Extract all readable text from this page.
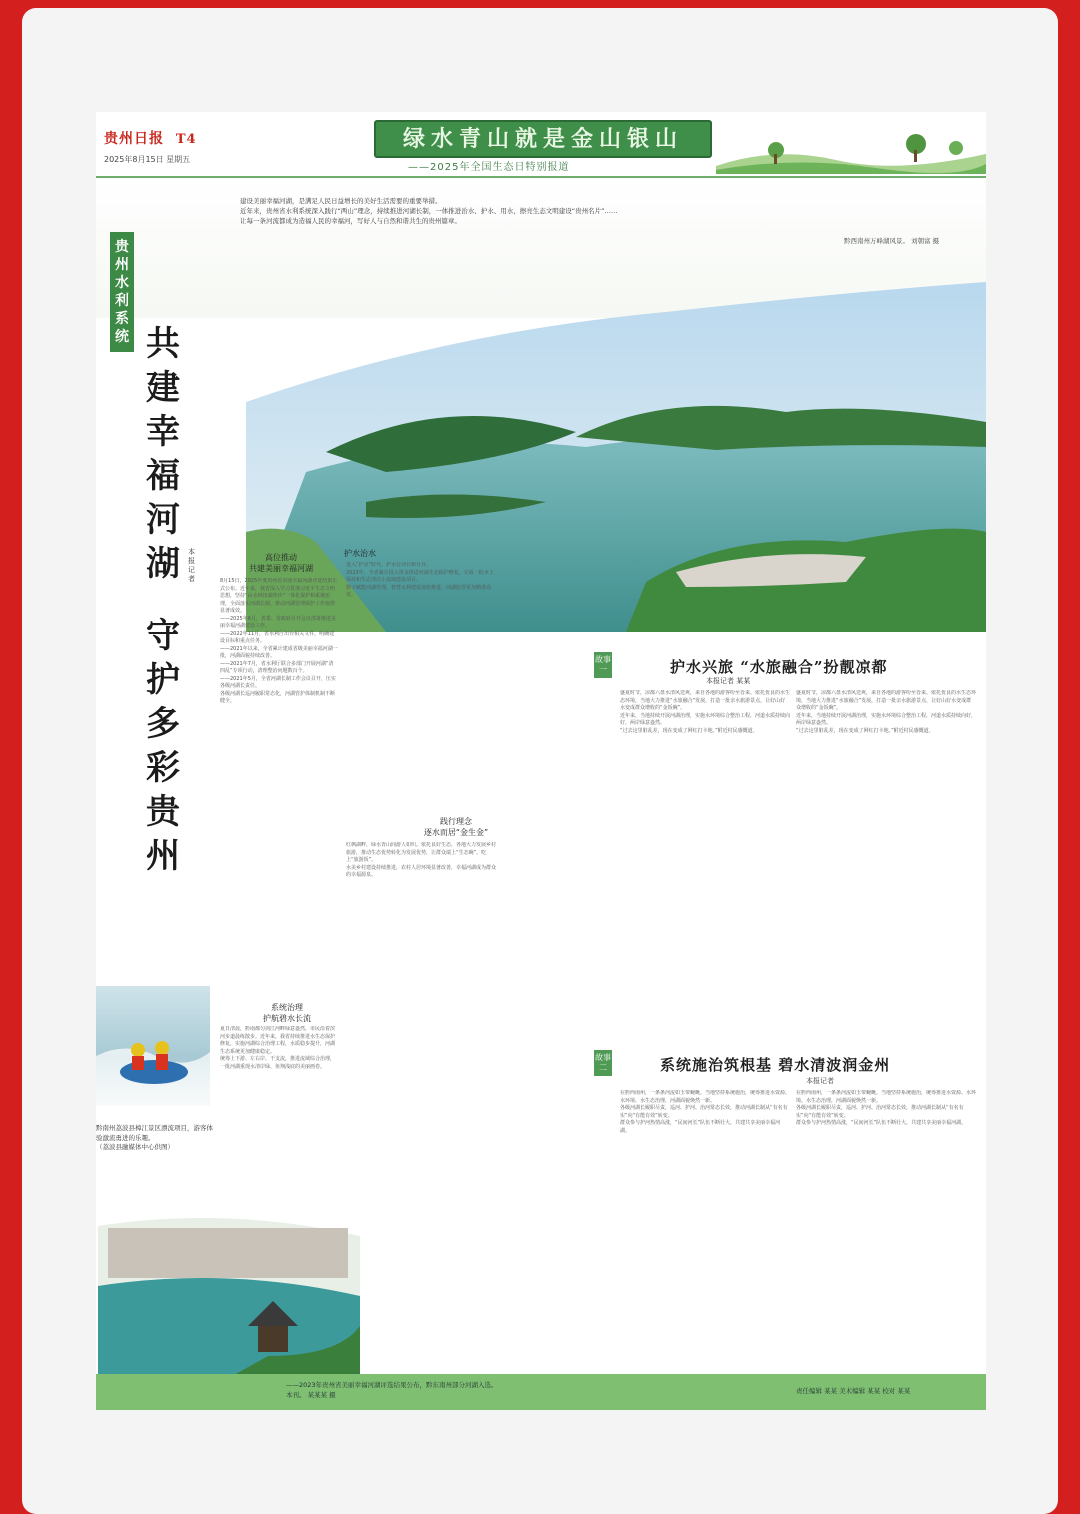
贵州日报 T4
2025年8月15日 星期五
绿水青山就是金山银山
——2025年全国生态日特别报道
建设美丽幸福河湖，是满足人民日益增长的美好生活需要的重要举措。
近年来，贵州省水利系统深入践行“两山”理念，持续推进河湖长制，一体推进治水、护水、用水，擦亮生态文明建设“贵州名片”……
让每一条河流都成为造福人民的幸福河，写好人与自然和谐共生的贵州篇章。
黔西南州万峰湖风景。 刘朝富 摄
贵州水利系统 共建幸福河湖
守护多彩贵州
本报 记者
高位推动
共建美丽幸福河湖
8月15日，2025年度贵州省美丽幸福河湖评选结果正式公布。近年来，我省深入学习贯彻习近平生态文明思想，坚持“山水林田湖草沙”一体化保护和系统治理，全面落实河湖长制，推动河湖管理保护工作取得显著成效。
——2025年6月，省委、省政府召开会议部署推进美丽幸福河湖建设工作。
——2022年11月，省水利厅出台相关文件，明确建设目标和重点任务。
——2021年以来，全省累计建成省级美丽幸福河湖一批，河湖面貌持续改善。
——2021年7月，省水利厅联合多部门开展河湖“清四乱”专项行动，清理整治问题数百个。
——2021年5月，全省河湖长制工作会议召开，压实各级河湖长责任。
各级河湖长巡河履职常态化，河湖管护体制机制不断健全。
系统治理
护航碧水长流
夏日清晨，黔南都匀剑江河畔绿意盎然，市民沿着滨河步道晨练散步。近年来，我省持续推进水生态保护修复，实施河湖综合治理工程，水质稳步提升，河湖生态系统更加健康稳定。
统筹上下游、左右岸、干支流，推进流域综合治理，一批河湖重现水清岸绿、鱼翔浅底的美丽画卷。
护水治水
进入“护水”时代，护水行动日新月异。
2023年，全省累计投入资金推进河湖生态保护修复，完成一批水土保持和生态清洁小流域建设项目。
数字赋能河湖管理，智慧水利建设加快推进，河湖监管更加精准高效。
践行理念
逐水而居“金生金”
红枫湖畔，绿水青山间游人如织。依托良好生态，各地大力发展乡村旅游，推动生态优势转化为发展优势，让群众端上“生态碗”、吃上“旅游饭”。
水美乡村建设持续推进，农村人居环境显著改善，幸福河湖成为群众的幸福源泉。
黔南州荔波县樟江景区漂流项目，游客体验激流勇进的乐趣。
（荔波县融媒体中心供图）
故事一	护水兴旅 “水旅融合”扮靓凉都
本报记者 某某
盛夏时节，凉都六盘水清风送爽，来自各地的游客纷至沓来。依托优良的水生态环境，当地大力推进“水旅融合”发展，打造一批亲水旅游景点，让好山好水变成群众增收的“金饭碗”。
近年来，当地持续开展河湖治理，实施水环境综合整治工程，河道水质持续向好，两岸绿意盎然。
“过去这里脏乱差，现在变成了网红打卡地。”附近村民感慨道。
盛夏时节，凉都六盘水清风送爽，来自各地的游客纷至沓来。依托优良的水生态环境，当地大力推进“水旅融合”发展，打造一批亲水旅游景点，让好山好水变成群众增收的“金饭碗”。
近年来，当地持续开展河湖治理，实施水环境综合整治工程，河道水质持续向好，两岸绿意盎然。
“过去这里脏乱差，现在变成了网红打卡地。”附近村民感慨道。
故事二	系统施治筑根基 碧水清波润金州
本报记者
在黔西南州，一条条河流如玉带蜿蜒。当地坚持系统施治，统筹推进水资源、水环境、水生态治理，河湖面貌焕然一新。
各级河湖长履职尽责，巡河、护河、治河常态长效，推动河湖长制从“有名有实”向“有能有效”转变。
群众参与护河热情高涨，“民间河长”队伍不断壮大，共建共享美丽幸福河湖。
在黔西南州，一条条河流如玉带蜿蜒。当地坚持系统施治，统筹推进水资源、水环境、水生态治理，河湖面貌焕然一新。
各级河湖长履职尽责，巡河、护河、治河常态长效，推动河湖长制从“有名有实”向“有能有效”转变。
群众参与护河热情高涨，“民间河长”队伍不断壮大，共建共享美丽幸福河湖。
——2023年贵州省美丽幸福河湖评选结果公布，黔东南州部分河湖入选。
本刊。 某某某 摄	责任编辑 某某 美术编辑 某某 校对 某某
